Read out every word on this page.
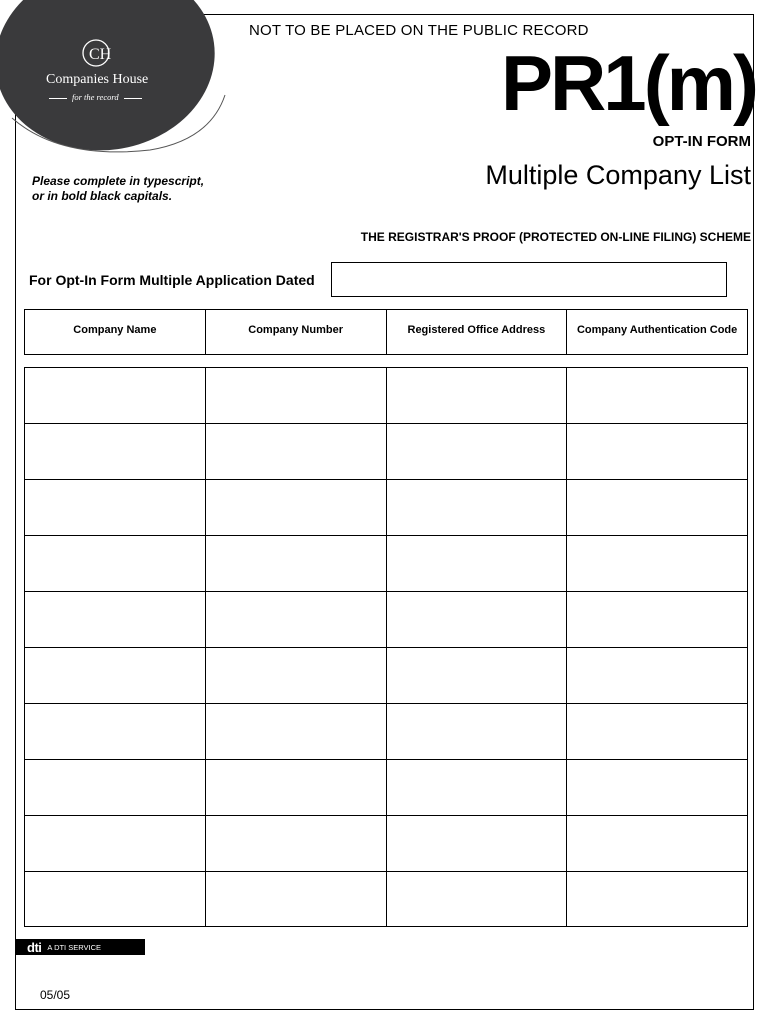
CH
Companies House
for the record
NOT TO BE PLACED ON THE PUBLIC RECORD
PR1(m)
OPT-IN FORM
Multiple Company List
Please complete in typescript,
or in bold black capitals.
THE REGISTRAR'S PROOF (PROTECTED ON-LINE FILING) SCHEME
For Opt-In Form Multiple Application Dated
Company Name	Company Number	Registered Office Address	Company Authentication Code
dti A DTI SERVICE
05/05
